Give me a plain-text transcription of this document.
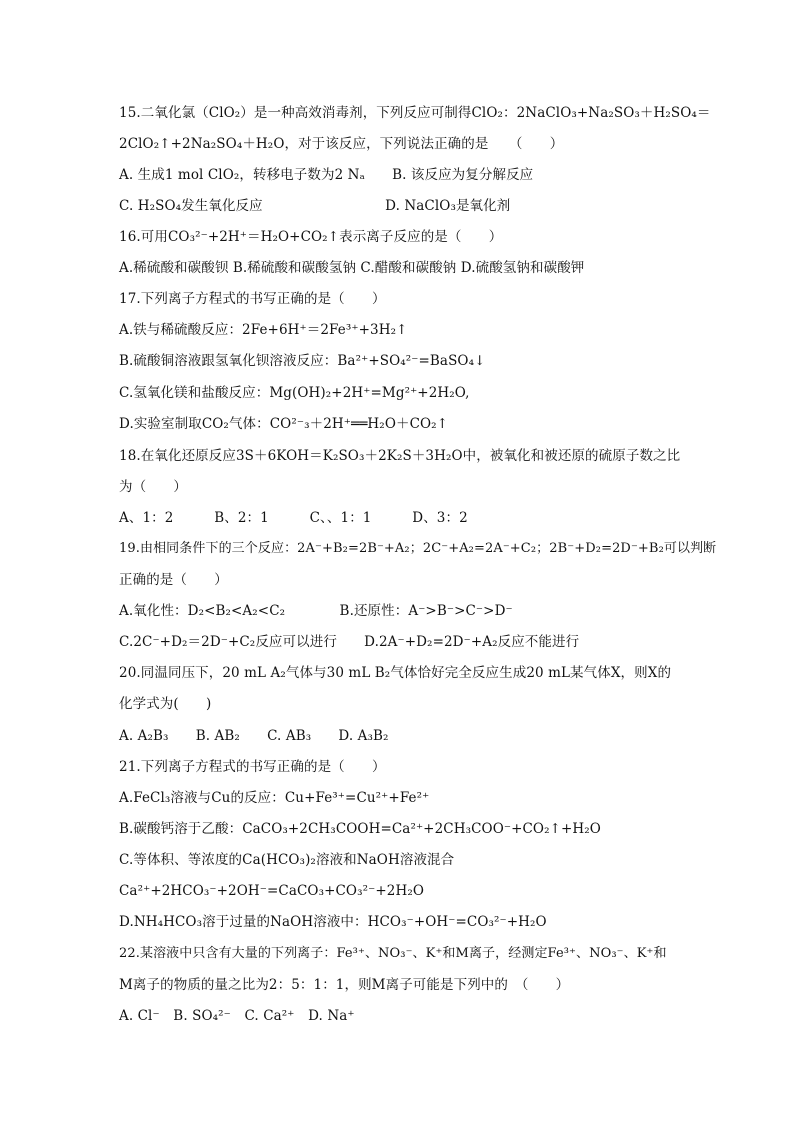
15.二氧化氯（ClO₂）是一种高效消毒剂，下列反应可制得ClO₂：2NaClO₃+Na₂SO₃＋H₂SO₄＝
2ClO₂↑+2Na₂SO₄＋H₂O，对于该反应，下列说法正确的是　　（　　）
A. 生成1 mol ClO₂，转移电子数为2 Nₐ　　B. 该反应为复分解反应
C. H₂SO₄发生氧化反应　　　　　　　　　D. NaClO₃是氧化剂
16.可用CO₃²⁻+2H⁺＝H₂O+CO₂↑表示离子反应的是（　　）
A.稀硫酸和碳酸钡 B.稀硫酸和碳酸氢钠 C.醋酸和碳酸钠 D.硫酸氢钠和碳酸钾
17.下列离子方程式的书写正确的是（　　）
A.铁与稀硫酸反应：2Fe+6H⁺＝2Fe³⁺+3H₂↑
B.硫酸铜溶液跟氢氧化钡溶液反应：Ba²⁺+SO₄²⁻=BaSO₄↓
C.氢氧化镁和盐酸反应：Mg(OH)₂+2H⁺=Mg²⁺+2H₂O,
D.实验室制取CO₂气体：CO²⁻₃＋2H⁺══H₂O＋CO₂↑
18.在氧化还原反应3S＋6KOH＝K₂SO₃＋2K₂S＋3H₂O中，被氧化和被还原的硫原子数之比
为（　　）
A、1：2　　　B、2：1　　　C、、1：1　　　D、3：2
19.由相同条件下的三个反应：2A⁻+B₂=2B⁻+A₂；2C⁻+A₂=2A⁻+C₂；2B⁻+D₂=2D⁻+B₂可以判断
正确的是（　　）
A.氧化性：D₂<B₂<A₂<C₂　　　　B.还原性：A⁻>B⁻>C⁻>D⁻
C.2C⁻+D₂＝2D⁻+C₂反应可以进行　　D.2A⁻+D₂=2D⁻+A₂反应不能进行
20.同温同压下，20 mL A₂气体与30 mL B₂气体恰好完全反应生成20 mL某气体X，则X的
化学式为(　　)
A. A₂B₃　　B. AB₂　　C. AB₃　　D. A₃B₂
21.下列离子方程式的书写正确的是（　　）
A.FeCl₃溶液与Cu的反应：Cu+Fe³⁺=Cu²⁺+Fe²⁺
B.碳酸钙溶于乙酸：CaCO₃+2CH₃COOH=Ca²⁺+2CH₃COO⁻+CO₂↑+H₂O
C.等体积、等浓度的Ca(HCO₃)₂溶液和NaOH溶液混合
Ca²⁺+2HCO₃⁻+2OH⁻=CaCO₃+CO₃²⁻+2H₂O
D.NH₄HCO₃溶于过量的NaOH溶液中：HCO₃⁻+OH⁻=CO₃²⁻+H₂O
22.某溶液中只含有大量的下列离子：Fe³⁺、NO₃⁻、K⁺和M离子，经测定Fe³⁺、NO₃⁻、K⁺和
M离子的物质的量之比为2：5：1：1，则M离子可能是下列中的　（　　）
A. Cl⁻　B. SO₄²⁻　C. Ca²⁺　D. Na⁺
